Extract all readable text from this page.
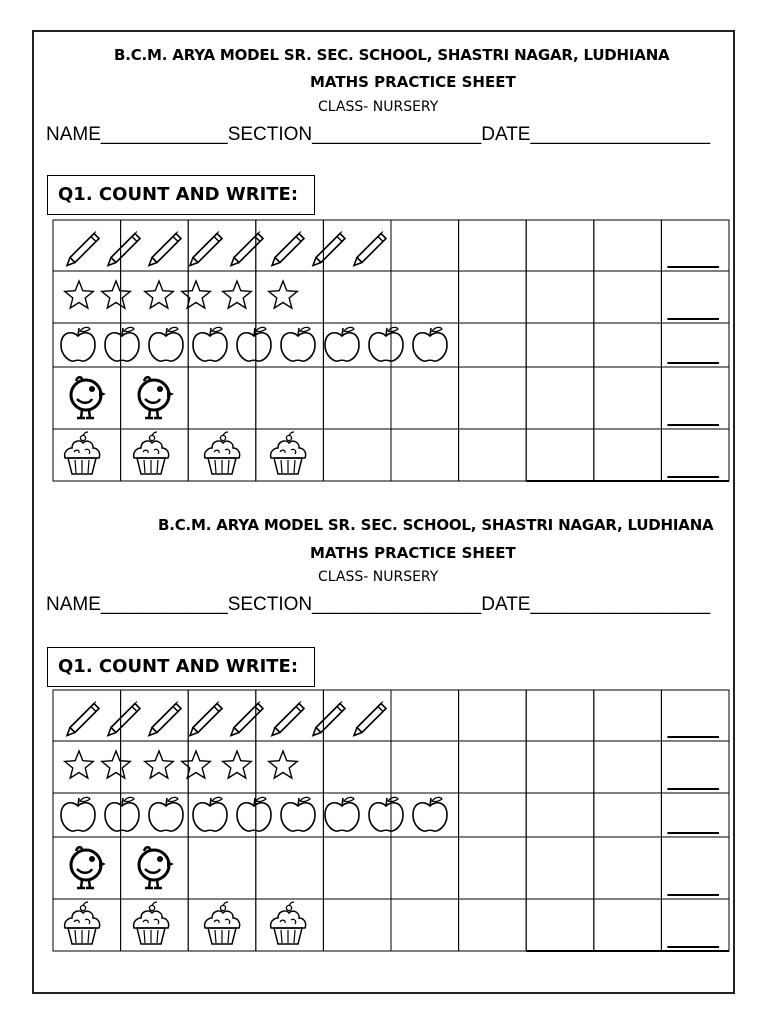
B.C.M. ARYA MODEL SR. SEC. SCHOOL, SHASTRI NAGAR, LUDHIANA
MATHS PRACTICE SHEET
CLASS- NURSERY
NAME____________SECTION________________DATE_________________
Q1. COUNT AND WRITE:
B.C.M. ARYA MODEL SR. SEC. SCHOOL, SHASTRI NAGAR, LUDHIANA
MATHS PRACTICE SHEET
CLASS- NURSERY
NAME____________SECTION________________DATE_________________
Q1. COUNT AND WRITE:
